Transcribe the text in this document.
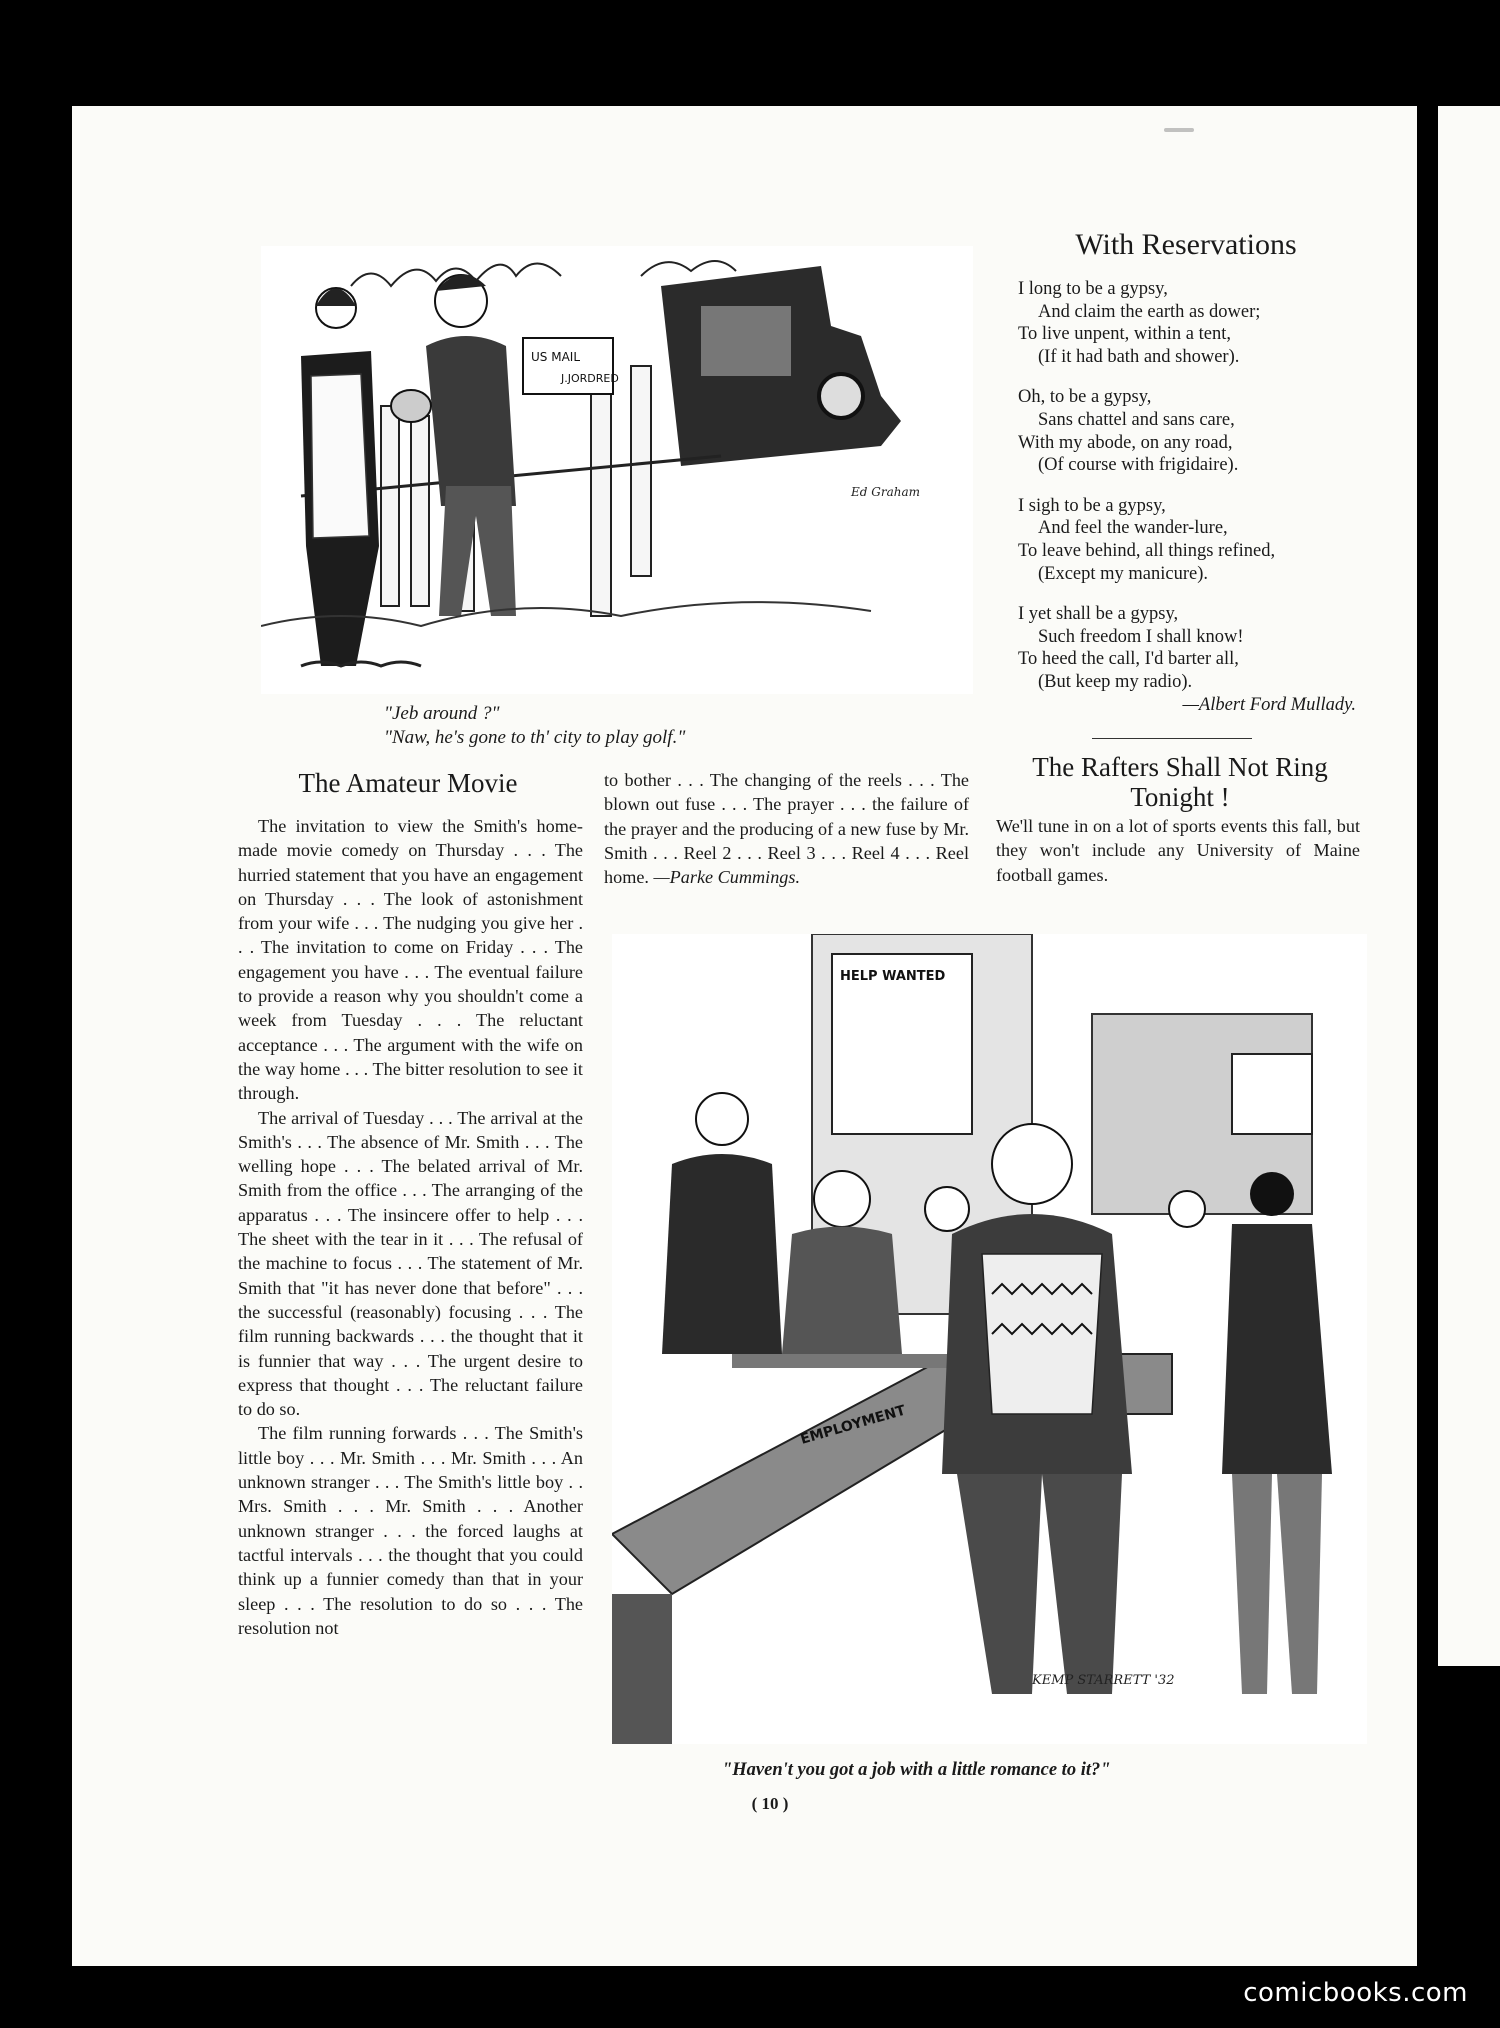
US MAIL
J.JORDRED
Ed Graham
"Jeb around ?"
"Naw, he's gone to th' city to play golf."
With Reservations
I long to be a gypsy,
And claim the earth as dower;
To live unpent, within a tent,
(If it had bath and shower).
Oh, to be a gypsy,
Sans chattel and sans care,
With my abode, on any road,
(Of course with frigidaire).
I sigh to be a gypsy,
And feel the wander-lure,
To leave behind, all things refined,
(Except my manicure).
I yet shall be a gypsy,
Such freedom I shall know!
To heed the call, I'd barter all,
(But keep my radio).
—Albert Ford Mullady.
The Amateur Movie

The invitation to view the Smith's home-made movie comedy on Thursday . . . The hurried statement that you have an engagement on Thursday . . . The look of astonishment from your wife . . . The nudging you give her . . . The invitation to come on Friday . . . The engagement you have . . . The eventual failure to provide a reason why you shouldn't come a week from Tuesday . . . The reluctant acceptance . . . The argument with the wife on the way home . . . The bitter resolution to see it through.

The arrival of Tuesday . . . The arrival at the Smith's . . . The absence of Mr. Smith . . . The welling hope . . . The belated arrival of Mr. Smith from the office . . . The arranging of the apparatus . . . The insincere offer to help . . . The sheet with the tear in it . . . The refusal of the machine to focus . . . The statement of Mr. Smith that "it has never done that before" . . . the successful (reasonably) focusing . . . The film running backwards . . . the thought that it is funnier that way . . . The urgent desire to express that thought . . . The reluctant failure to do so.

The film running forwards . . . The Smith's little boy . . . Mr. Smith . . . Mr. Smith . . . An unknown stranger . . . The Smith's little boy . . Mrs. Smith . . . Mr. Smith . . . Another unknown stranger . . . the forced laughs at tactful intervals . . . the thought that you could think up a funnier comedy than that in your sleep . . . The resolution to do so . . . The resolution not

to bother . . . The changing of the reels . . . The blown out fuse . . . The prayer . . . the failure of the prayer and the producing of a new fuse by Mr. Smith . . . Reel 2 . . . Reel 3 . . . Reel 4 . . . Reel home. —Parke Cummings.

The Rafters Shall Not Ring
Tonight !

We'll tune in on a lot of sports events this fall, but they won't include any University of Maine football games.

HELP WANTED
EMPLOYMENT
KEMP STARRETT '32
"Haven't you got a job with a little romance to it?"
( 10 )
comicbooks.com
